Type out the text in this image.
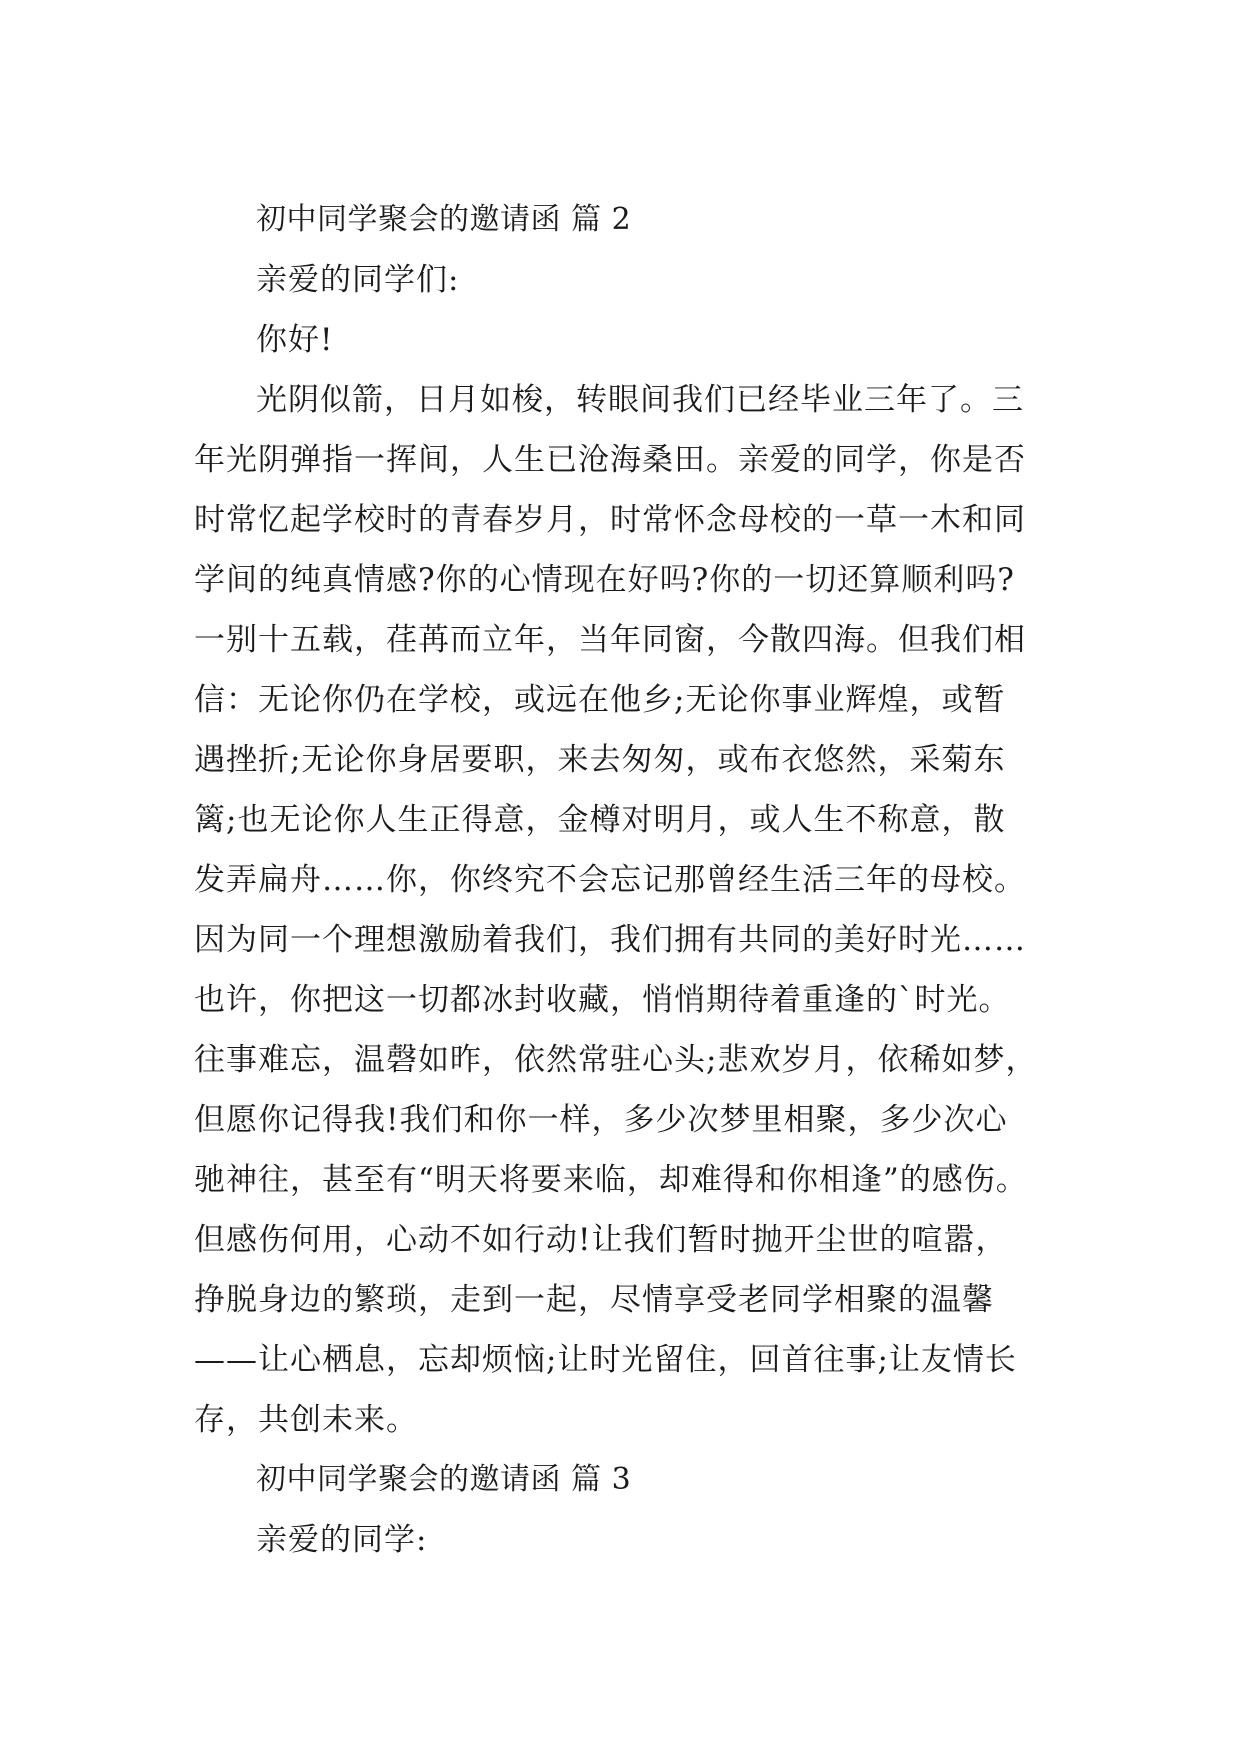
初中同学聚会的邀请函 篇 2
亲爱的同学们:
你好!
光阴似箭，日月如梭，转眼间我们已经毕业三年了。三
年光阴弹指一挥间，人生已沧海桑田。亲爱的同学，你是否
时常忆起学校时的青春岁月，时常怀念母校的一草一木和同
学间的纯真情感?你的心情现在好吗?你的一切还算顺利吗?
一别十五载，荏苒而立年，当年同窗，今散四海。但我们相
信：无论你仍在学校，或远在他乡;无论你事业辉煌，或暂
遇挫折;无论你身居要职，来去匆匆，或布衣悠然，采菊东
篱;也无论你人生正得意，金樽对明月，或人生不称意，散
发弄扁舟……你，你终究不会忘记那曾经生活三年的母校。
因为同一个理想激励着我们，我们拥有共同的美好时光……
也许，你把这一切都冰封收藏，悄悄期待着重逢的`时光。
往事难忘，温磬如昨，依然常驻心头;悲欢岁月，依稀如梦，
但愿你记得我!我们和你一样，多少次梦里相聚，多少次心
驰神往，甚至有“明天将要来临，却难得和你相逢”的感伤。
但感伤何用，心动不如行动!让我们暂时抛开尘世的喧嚣，
挣脱身边的繁琐，走到一起，尽情享受老同学相聚的温馨
——让心栖息，忘却烦恼;让时光留住，回首往事;让友情长
存，共创未来。
初中同学聚会的邀请函 篇 3
亲爱的同学:
